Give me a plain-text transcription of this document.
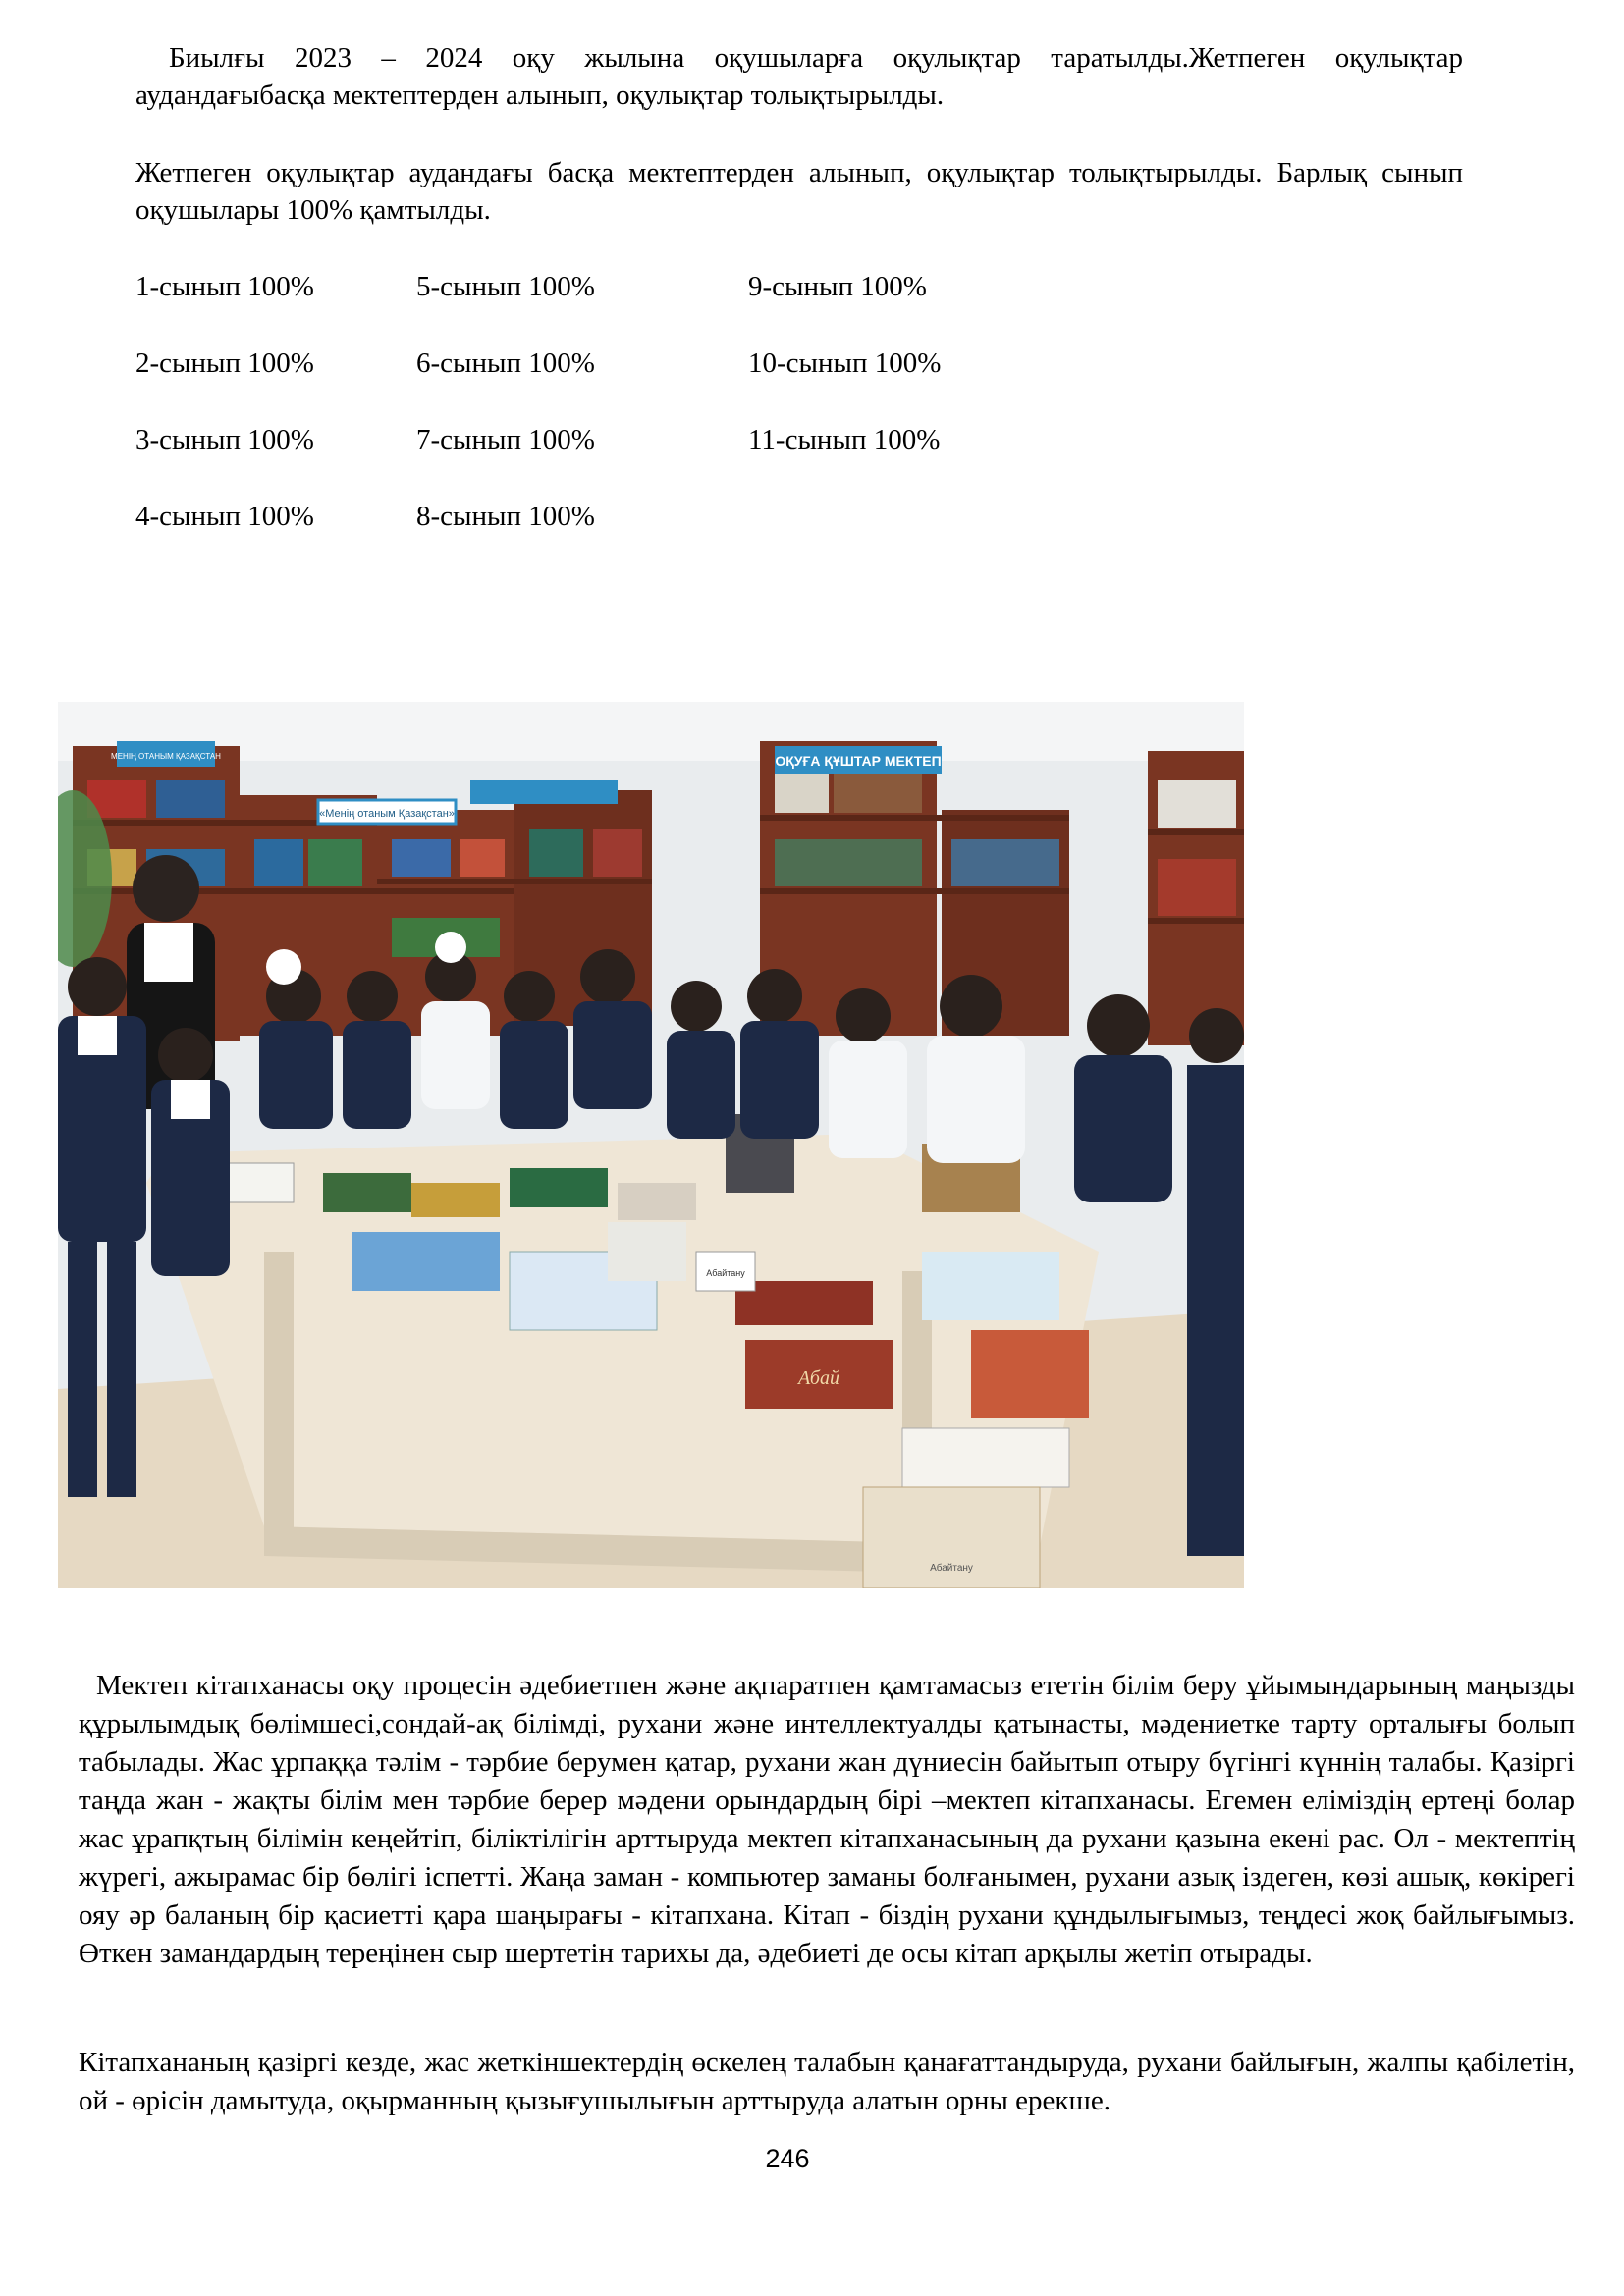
Биылғы 2023 – 2024 оқу жылына оқушыларға оқулықтар таратылды.Жетпеген оқулықтар
аудандағыбасқа мектептерден алынып, оқулықтар толықтырылды.
Жетпеген оқулықтар аудандағы басқа мектептерден алынып, оқулықтар толықтырылды. Барлық сынып оқушылары 100% қамтылды.
1-сынып 100%	5-сынып 100%	9-сынып 100%
2-сынып 100%	6-сынып 100%	10-сынып 100%
3-сынып 100%	7-сынып 100%	11-сынып 100%
4-сынып 100%	8-сынып 100%
ОҚУҒА ҚҰШТАР МЕКТЕП
«Менің отаным Қазақстан»
МЕНІҢ ОТАНЫМ ҚАЗАҚСТАН
Абай
Абайтану
Абайтану
Мектеп кітапханасы оқу процесін әдебиетпен және ақпаратпен қамтамасыз ететін білім беру ұйымындарының маңызды құрылымдық бөлімшесі,сондай-ақ білімді, рухани және интеллектуалды қатынасты, мәдениетке тарту орталығы болып табылады. Жас ұрпаққа тәлім - тәрбие берумен қатар, рухани жан дүниесін байытып отыру бүгінгі күннің талабы. Қазіргі таңда жан - жақты білім мен тәрбие берер мәдени орындардың бірі –мектеп кітапханасы. Егемен еліміздің ертеңі болар жас ұрапқтың білімін кеңейтіп, біліктілігін арттыруда мектеп кітапханасының да рухани қазына екені рас. Ол - мектептің жүрегі, ажырамас бір бөлігі іспетті. Жаңа заман - компьютер заманы болғанымен, рухани азық іздеген, көзі ашық, көкірегі ояу әр баланың бір қасиетті қара шаңырағы - кітапхана. Кітап - біздің рухани құндылығымыз, теңдесі жоқ байлығымыз. Өткен замандардың тереңінен сыр шертетін тарихы да, әдебиеті де осы кітап арқылы жетіп отырады.
Кітапхананың қазіргі кезде, жас жеткіншектердің өскелең талабын қанағаттандыруда, рухани байлығын, жалпы қабілетін, ой - өрісін дамытуда, оқырманның қызығушылығын арттыруда алатын орны ерекше.
246
